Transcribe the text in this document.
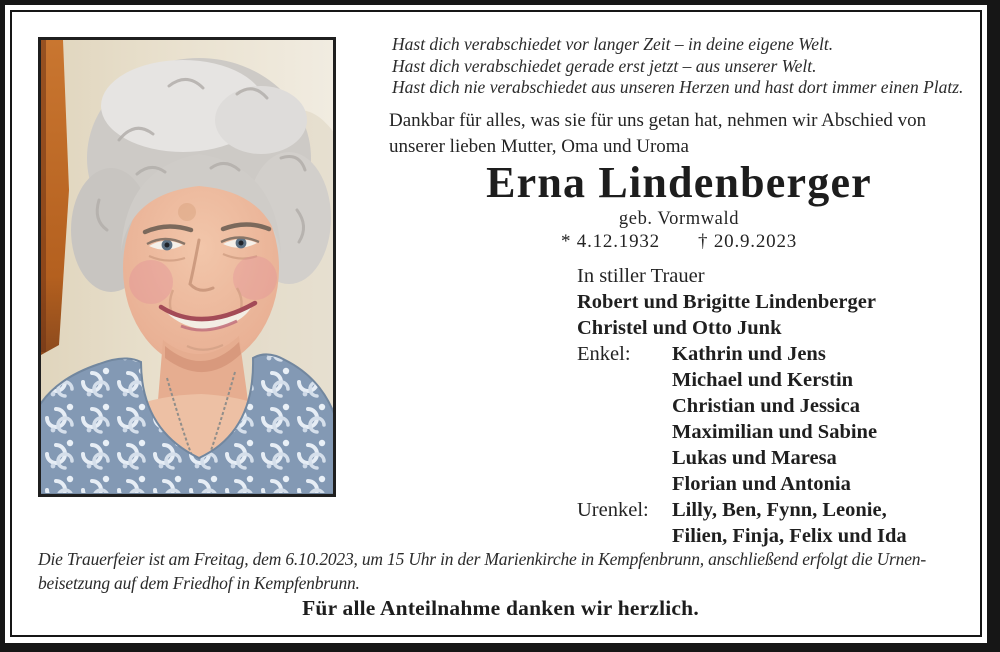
Hast dich verabschiedet vor langer Zeit – in deine eigene Welt.
Hast dich verabschiedet gerade erst jetzt – aus unserer Welt.
Hast dich nie verabschiedet aus unseren Herzen und hast dort immer einen Platz.
Dankbar für alles, was sie für uns getan hat, nehmen wir Abschied von
unserer lieben Mutter, Oma und Uroma
Erna Lindenberger
geb. Vormwald
* 4.12.1932 † 20.9.2023
In stiller Trauer
Robert und Brigitte Lindenberger
Christel und Otto Junk
Enkel:	Kathrin und Jens
Michael und Kerstin
Christian und Jessica
Maximilian und Sabine
Lukas und Maresa
Florian und Antonia
Urenkel:	Lilly, Ben, Fynn, Leonie,
Filien, Finja, Felix und Ida
Die Trauerfeier ist am Freitag, dem 6.10.2023, um 15 Uhr in der Marienkirche in Kempfenbrunn, anschließend erfolgt die Urnen-
beisetzung auf dem Friedhof in Kempfenbrunn.
Für alle Anteilnahme danken wir herzlich.
